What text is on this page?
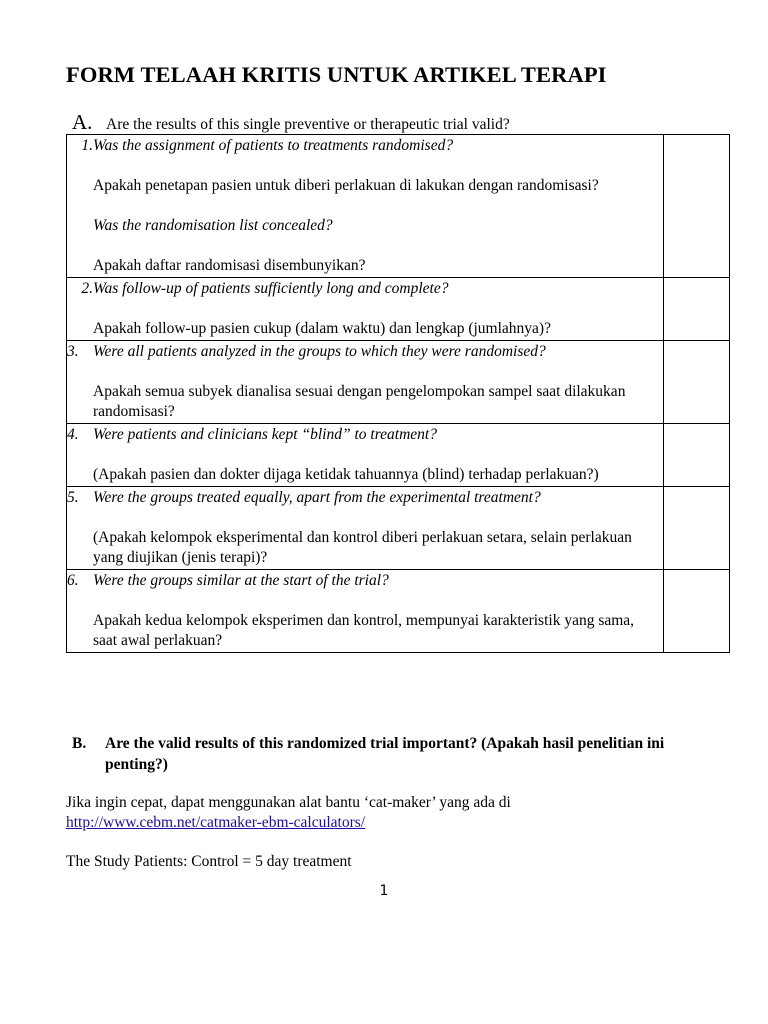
FORM TELAAH KRITIS UNTUK ARTIKEL TERAPI
A. Are the results of this single preventive or therapeutic trial valid?
1. Was the assignment of patients to treatments randomised?
Apakah penetapan pasien untuk diberi perlakuan di lakukan dengan randomisasi?
Was the randomisation list concealed?
Apakah daftar randomisasi disembunyikan?	

2. Was follow-up of patients sufficiently long and complete?
Apakah follow-up pasien cukup (dalam waktu) dan lengkap (jumlahnya)?	

3. Were all patients analyzed in the groups to which they were randomised?
Apakah semua subyek dianalisa sesuai dengan pengelompokan sampel saat dilakukan randomisasi?	

4. Were patients and clinicians kept “blind” to treatment?
(Apakah pasien dan dokter dijaga ketidak tahuannya (blind) terhadap perlakuan?)	

5. Were the groups treated equally, apart from the experimental treatment?
(Apakah kelompok eksperimental dan kontrol diberi perlakuan setara, selain perlakuan yang diujikan (jenis terapi)?	

6. Were the groups similar at the start of the trial?
Apakah kedua kelompok eksperimen dan kontrol, mempunyai karakteristik yang sama, saat awal perlakuan?	

B.	Are the valid results of this randomized trial important? (Apakah hasil penelitian ini penting?)
Jika ingin cepat, dapat menggunakan alat bantu ‘cat-maker’ yang ada di
http://www.cebm.net/catmaker-ebm-calculators/
The Study Patients: Control = 5 day treatment
1
